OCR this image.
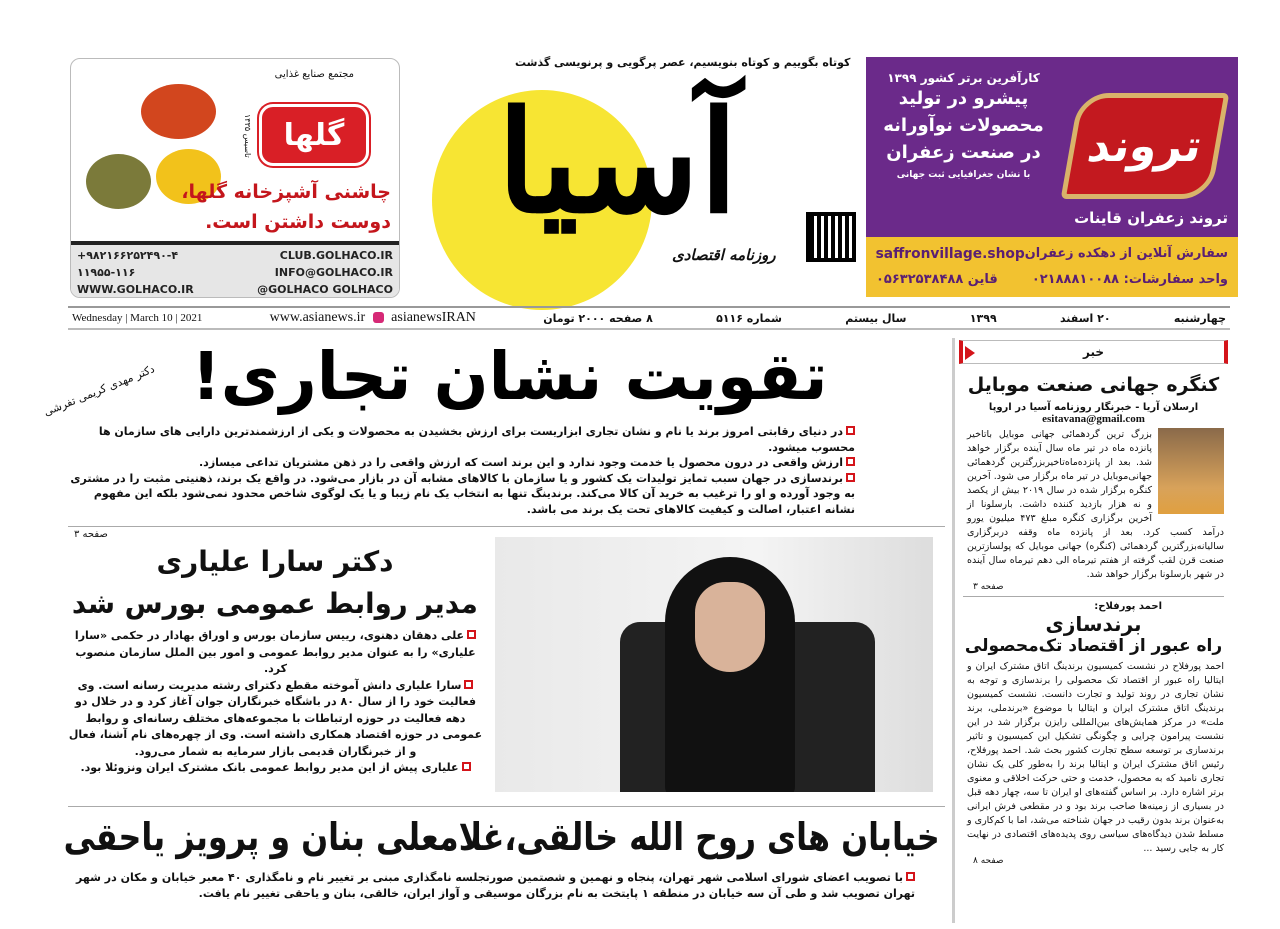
کوتاه بگوییم و کوتاه بنویسیم، عصر پرگویی و پرنویسی گذشت
آسیا
روزنامه اقتصادی
مجتمع صنایع غذایی
گلها
تاسیس ۱۳۳۵
چاشنی آشپزخانه گلها،
دوست داشتن است.
+۹۸۲۱۶۶۲۵۲۴۹۰-۴	CLUB.GOLHACO.IR
۱۱۹۵۵-۱۱۶	INFO@GOLHACO.IR
WWW.GOLHACO.IR	@GOLHACO GOLHACO
تروند
کارآفرین برتر کشور ۱۳۹۹
پیشرو در تولید
محصولات نوآورانه
در صنعت زعفران
با نشان جغرافیایی ثبت جهانی
تروند زعفران قاینات
سفارش آنلاین از دهکده زعفران
saffronvillage.shop
واحد سفارشات: ۰۲۱۸۸۸۱۰۰۸۸
قاین ۰۵۶۳۲۵۳۸۴۸۸
چهارشنبه
۲۰ اسفند
۱۳۹۹
سال بیستم
شماره ۵۱۱۶
۸ صفحه ۲۰۰۰ تومان
www.asianews.ir asianewsIRAN
Wednesday | March 10 | 2021
تقویت نشان تجاری!
دکتر مهدی کریمی تفرشی
در دنیای رقابتی امروز برند یا نام و نشان تجاری ابزاریست برای ارزش بخشیدن به محصولات و یکی از ارزشمندترین دارایی های سازمان ها محسوب میشود.
ارزش واقعی در درون محصول یا خدمت وجود ندارد و این برند است که ارزش واقعی را در ذهن مشتریان تداعی میسازد.
برندسازی در جهان سبب تمایز تولیدات یک کشور و یا سازمان با کالاهای مشابه آن در بازار می‌شود. در واقع یک برند، ذهنیتی مثبت را در مشتری به وجود آورده و او را ترغیب به خرید آن کالا می‌کند. برندینگ تنها به انتخاب یک نام زیبا و یا یک لوگوی شاخص محدود نمی‌شود بلکه این مفهوم نشانه اعتبار، اصالت و کیفیت کالاهای تحت یک برند می باشد.
صفحه ۳
دکتر سارا علیاری
مدیر روابط عمومی بورس شد
علی دهقان دهنوی، رییس سازمان بورس و اوراق بهادار در حکمی «سارا علیاری» را به عنوان مدیر روابط عمومی و امور بین الملل سازمان منصوب کرد.
سارا علیاری دانش آموخته مقطع دکترای رشته مدیریت رسانه است. وی فعالیت خود را از سال ۸۰ در باشگاه خبرنگاران جوان آغاز کرد و در خلال دو دهه فعالیت در حوزه ارتباطات با مجموعه‌های مختلف رسانه‌ای و روابط عمومی در حوزه اقتصاد همکاری داشته است. وی از چهره‌های نام آشنا، فعال و از خبرنگاران قدیمی بازار سرمایه به شمار می‌رود.
علیاری پیش از این مدیر روابط عمومی بانک مشترک ایران ونزوئلا بود.
خیابان های روح الله خالقی،غلامعلی بنان و پرویز یاحقی
با تصویب اعضای شورای اسلامی شهر تهران، پنجاه و نهمین و شصتمین صورتجلسه نامگذاری مبنی بر تغییر نام و نامگذاری ۴۰ معبر خیابان و مکان در شهر تهران تصویب شد و طی آن سه خیابان در منطقه ۱ پایتخت به نام بزرگان موسیقی و آواز ایران، خالقی، بنان و یاحقی تغییر نام یافت.
خبر
کنگره جهانی صنعت موبایل
ارسلان آریا - خبرنگار روزنامه آسیا در اروپا
esitavana@gmail.com
بزرگ ترین گردهمائی جهانی موبایل باتاخیر پانزده ماه در تیر ماه سال آینده برگزار خواهد شد. بعد از پانزده‌ماه‌تاخیر‌بزرگترین گردهمائی جهانی‌موبایل در تیر ماه برگزار می شود. آخرین کنگره برگزار شده در سال ۲۰۱۹ بیش از یکصد و نه هزار بازدید کننده داشت. بارسلونا از آخرین برگزاری کنگره مبلغ ۴۷۳ میلیون یورو درآمد کسب کرد. بعد از پانزده ماه وقفه دربرگزاری سالیانه‌بزرگترین گردهمائی (کنگره) جهانی موبایل که پولسازترین صنعت قرن لقب گرفته از هفتم تیرماه الی دهم تیرماه سال آینده در شهر بارسلونا برگزار خواهد شد.
صفحه ۳
احمد پورفلاح:
برندسازی
راه عبور از اقتصاد تک‌محصولی
احمد پورفلاح در نشست کمیسیون برندینگ اتاق مشترک ایران و ایتالیا راه عبور از اقتصاد تک محصولی را برندسازی و توجه به نشان تجاری در روند تولید و تجارت دانست. نشست کمیسیون برندینگ اتاق مشترک ایران و ایتالیا با موضوع «برندملی، برند ملت» در مرکز همایش‌های بین‌المللی رایزن برگزار شد در این نشست پیرامون چرایی و چگونگی تشکیل این کمیسیون و تاثیر برندسازی بر توسعه سطح تجارت کشور بحث شد. احمد پورفلاح، رئیس اتاق مشترک ایران و ایتالیا برند را به‌طور کلی یک نشان تجاری نامید که به محصول، خدمت و حتی حرکت اخلاقی و معنوی برتر اشاره دارد. بر اساس گفته‌های او ایران تا سه، چهار دهه قبل در بسیاری از زمینه‌ها صاحب برند بود و در مقطعی فرش ایرانی به‌عنوان برند بدون رقیب در جهان شناخته می‌شد، اما با کم‌کاری و مسلط شدن دیدگاه‌های سیاسی روی پدیده‌های اقتصادی در نهایت کار به جایی رسید ...
صفحه ۸
